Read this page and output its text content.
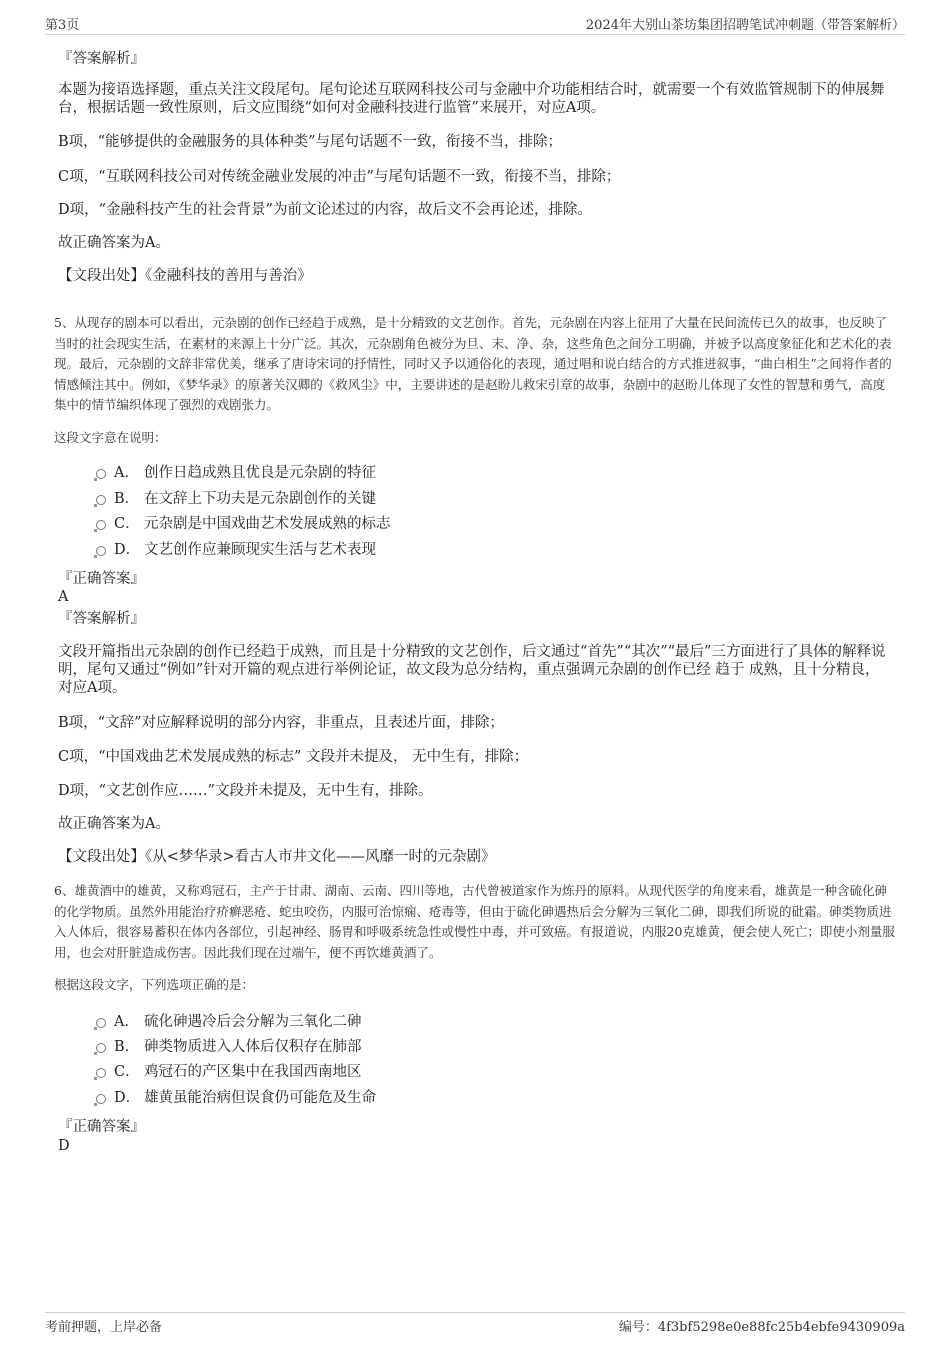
第3页	2024年大别山茶坊集团招聘笔试冲刺题（带答案解析）
『答案解析』
本题为接语选择题，重点关注文段尾句。尾句论述互联网科技公司与金融中介功能相结合时，就需要一个有效监管规制下的伸展舞台，根据话题一致性原则，后文应围绕“如何对金融科技进行监管”来展开，对应A项。
B项，“能够提供的金融服务的具体种类”与尾句话题不一致，衔接不当，排除；
C项，“互联网科技公司对传统金融业发展的冲击”与尾句话题不一致，衔接不当，排除；
D项，“金融科技产生的社会背景”为前文论述过的内容，故后文不会再论述，排除。
故正确答案为A。
【文段出处】《金融科技的善用与善治》
5、从现存的剧本可以看出，元杂剧的创作已经趋于成熟，是十分精致的文艺创作。首先，元杂剧在内容上征用了大量在民间流传已久的故事，也反映了当时的社会现实生活，在素材的来源上十分广泛。其次，元杂剧角色被分为旦、末、净、杂，这些角色之间分工明确，并被予以高度象征化和艺术化的表现。最后，元杂剧的文辞非常优美，继承了唐诗宋词的抒情性，同时又予以通俗化的表现，通过唱和说白结合的方式推进叙事，“曲白相生”之间将作者的情感倾注其中。例如，《梦华录》的原著关汉卿的《救风尘》中，主要讲述的是赵盼儿救宋引章的故事，杂剧中的赵盼儿体现了女性的智慧和勇气，高度集中的情节编织体现了强烈的戏剧张力。
这段文字意在说明：
A． 创作日趋成熟且优良是元杂剧的特征
B． 在文辞上下功夫是元杂剧创作的关键
C． 元杂剧是中国戏曲艺术发展成熟的标志
D． 文艺创作应兼顾现实生活与艺术表现
『正确答案』
A
『答案解析』
文段开篇指出元杂剧的创作已经趋于成熟，而且是十分精致的文艺创作，后文通过“首先”“其次”“最后”三方面进行了具体的解释说明，尾句又通过“例如”针对开篇的观点进行举例论证，故文段为总分结构，重点强调元杂剧的创作已经 趋于 成熟，且十分精良，对应A项。
B项，“文辞”对应解释说明的部分内容，非重点，且表述片面，排除；
C项，“中国戏曲艺术发展成熟的标志” 文段并未提及， 无中生有，排除；
D项，“文艺创作应……”文段并未提及，无中生有，排除。
故正确答案为A。
【文段出处】《从<梦华录>看古人市井文化——风靡一时的元杂剧》
6、雄黄酒中的雄黄，又称鸡冠石，主产于甘肃、湖南、云南、四川等地，古代曾被道家作为炼丹的原料。从现代医学的角度来看，雄黄是一种含硫化砷的化学物质。虽然外用能治疗疥癣恶疮、蛇虫咬伤，内服可治惊痫、疮毒等，但由于硫化砷遇热后会分解为三氧化二砷，即我们所说的砒霜。砷类物质进入人体后，很容易蓄积在体内各部位，引起神经、肠胃和呼吸系统急性或慢性中毒，并可致癌。有报道说，内服20克雄黄，便会使人死亡；即使小剂量服用，也会对肝脏造成伤害。因此我们现在过端午，便不再饮雄黄酒了。
根据这段文字，下列选项正确的是：
A． 硫化砷遇冷后会分解为三氧化二砷
B． 砷类物质进入人体后仅积存在肺部
C． 鸡冠石的产区集中在我国西南地区
D． 雄黄虽能治病但误食仍可能危及生命
『正确答案』
D
考前押题，上岸必备	编号：4f3bf5298e0e88fc25b4ebfe9430909a
